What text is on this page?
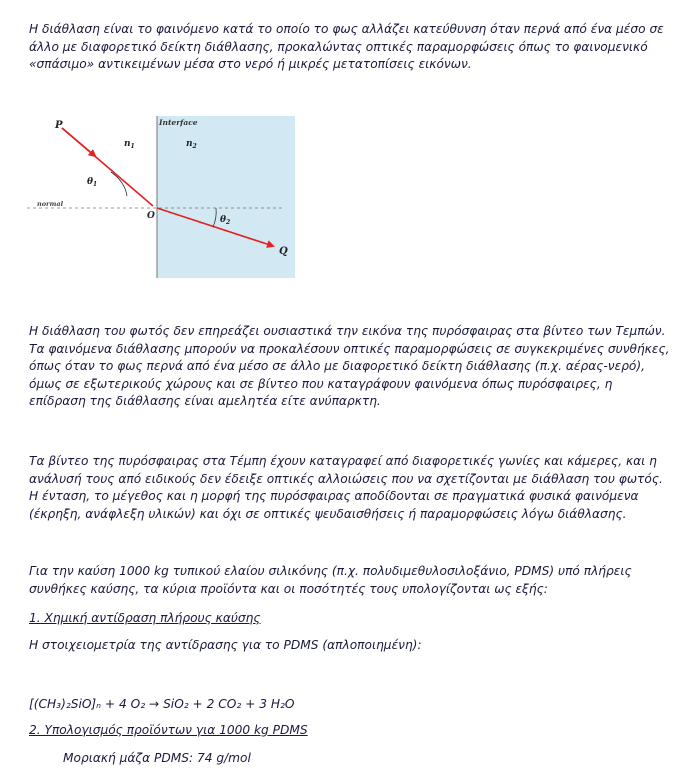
Η διάθλαση είναι το φαινόμενο κατά το οποίο το φως αλλάζει κατεύθυνση όταν περνά από ένα μέσο σε
άλλο με διαφορετικό δείκτη διάθλασης, προκαλώντας οπτικές παραμορφώσεις όπως το φαινομενικό
«σπάσιμο» αντικειμένων μέσα στο νερό ή μικρές μετατοπίσεις εικόνων.
P
Q
O
Interface
normal
$n_1$	$n_2$
$\theta_1$
$\theta_2$
Η διάθλαση του φωτός δεν επηρεάζει ουσιαστικά την εικόνα της πυρόσφαιρας στα βίντεο των Τεμπών.
Τα φαινόμενα διάθλασης μπορούν να προκαλέσουν οπτικές παραμορφώσεις σε συγκεκριμένες συνθήκες,
όπως όταν το φως περνά από ένα μέσο σε άλλο με διαφορετικό δείκτη διάθλασης (π.χ. αέρας-νερό),
όμως σε εξωτερικούς χώρους και σε βίντεο που καταγράφουν φαινόμενα όπως πυρόσφαιρες, η
επίδραση της διάθλασης είναι αμελητέα είτε ανύπαρκτη.
Τα βίντεο της πυρόσφαιρας στα Τέμπη έχουν καταγραφεί από διαφορετικές γωνίες και κάμερες, και η
ανάλυσή τους από ειδικούς δεν έδειξε οπτικές αλλοιώσεις που να σχετίζονται με διάθλαση του φωτός.
Η ένταση, το μέγεθος και η μορφή της πυρόσφαιρας αποδίδονται σε πραγματικά φυσικά φαινόμενα
(έκρηξη, ανάφλεξη υλικών) και όχι σε οπτικές ψευδαισθήσεις ή παραμορφώσεις λόγω διάθλασης.
Για την καύση 1000 kg τυπικού ελαίου σιλικόνης (π.χ. πολυδιμεθυλοσιλοξάνιο, PDMS) υπό πλήρεις
συνθήκες καύσης, τα κύρια προϊόντα και οι ποσότητές τους υπολογίζονται ως εξής:
1. Χημική αντίδραση πλήρους καύσης
Η στοιχειομετρία της αντίδρασης για το PDMS (απλοποιημένη):
[(CH₃)₂SiO]ₙ + 4 O₂ → SiO₂ + 2 CO₂ + 3 H₂O
2. Υπολογισμός προϊόντων για 1000 kg PDMS
Μοριακή μάζα PDMS: 74 g/mol
